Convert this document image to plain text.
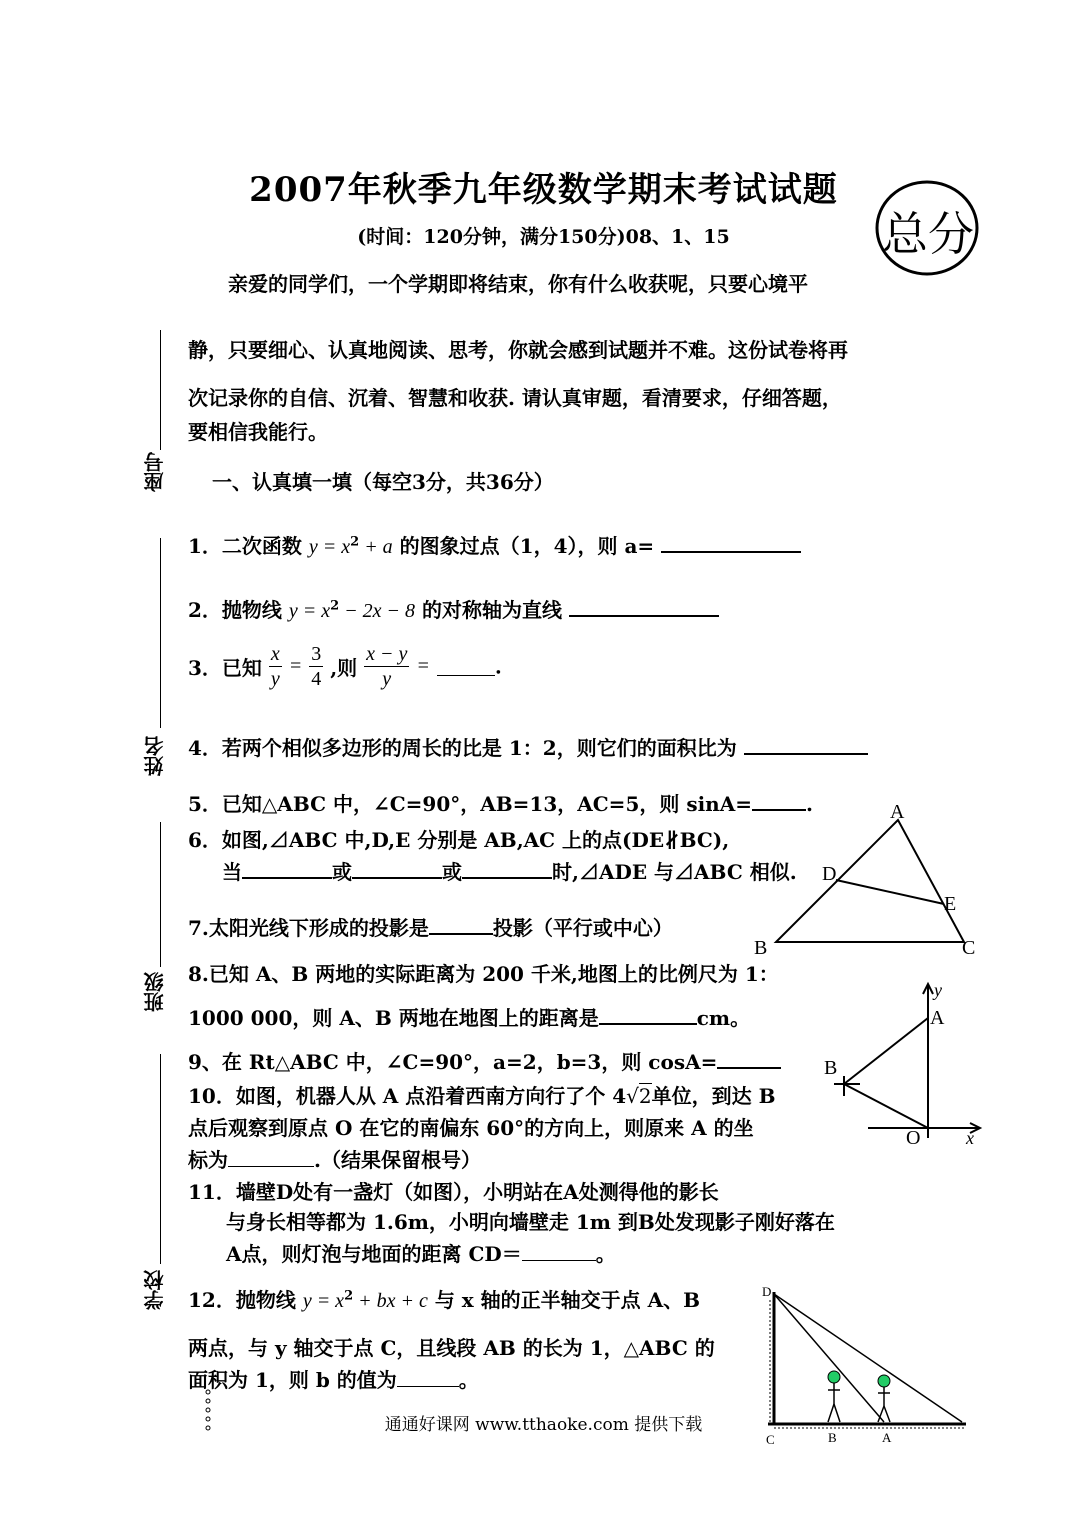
2007年秋季九年级数学期末考试试题
(时间：120分钟，满分150分)08、1、15	总分
亲爱的同学们，一个学期即将结束，你有什么收获呢，只要心境平
静，只要细心、认真地阅读、思考，你就会感到试题并不难。这份试卷将再
次记录你的自信、沉着、智慧和收获. 请认真审题，看清要求，仔细答题，
要相信我能行。
座号
姓名
班级
学校
一、认真填一填（每空3分，共36分）
1．二次函数 $y = x^2 + a$ 的图象过点（1，4），则 a=
2．抛物线 $y = x^2 - 2x - 8$ 的对称轴为直线
3．已知 $\frac{x}{y} = \frac{3}{4}$ ,则 $\frac{x - y}{y}$ =	.
4．若两个相似多边形的周长的比是 1：2，则它们的面积比为
5．已知△ABC 中，∠C=90°，AB=13，AC=5，则 sinA=	.
6．如图,⊿ABC 中,D,E 分别是 AB,AC 上的点(DE∦BC),
当	或	或	时,⊿ADE 与⊿ABC 相似.
7.太阳光线下形成的投影是	投影（平行或中心）
8.已知 A、B 两地的实际距离为 200 千米,地图上的比例尺为 1：
1000 000，则 A、B 两地在地图上的距离是	cm。
9、在 Rt△ABC 中，∠C=90°，a=2，b=3，则 cosA=
10．如图，机器人从 A 点沿着西南方向行了个 4√2单位，到达 B
点后观察到原点 O 在它的南偏东 60°的方向上，则原来 A 的坐
标为	.（结果保留根号）
11．墙壁D处有一盏灯（如图），小明站在A处测得他的影长
与身长相等都为 1.6m，小明向墙壁走 1m 到B处发现影子刚好落在
A点，则灯泡与地面的距离 CD＝	。
12．抛物线 $y = x^2$ + bx + c 与 x 轴的正半轴交于点 A、B
两点，与 y 轴交于点 C，且线段 AB 的长为 1，△ABC 的
面积为 1，则 b 的值为	。
A
B	C
D
E
y
A
B
O	x
D
C	B	A
通通好课网 www.tthaoke.com 提供下载
